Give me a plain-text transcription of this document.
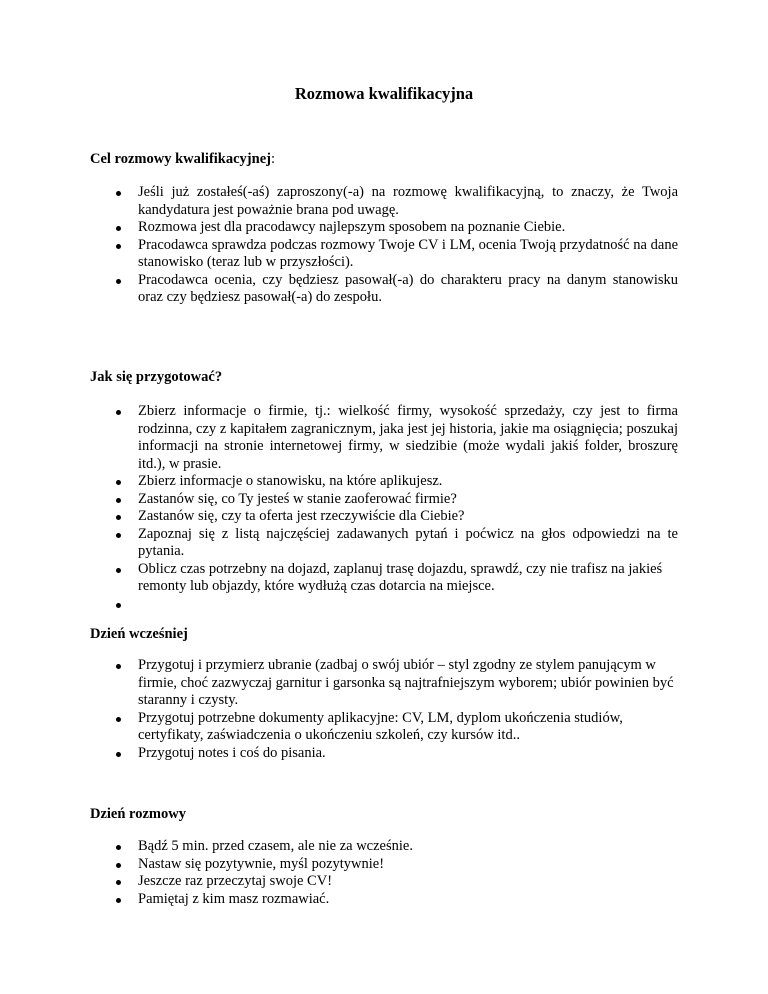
Rozmowa kwalifikacyjna
Cel rozmowy kwalifikacyjnej:
Jeśli już zostałeś(-aś) zaproszony(-a) na rozmowę kwalifikacyjną, to znaczy, że Twoja kandydatura jest poważnie brana pod uwagę.
Rozmowa jest dla pracodawcy najlepszym sposobem na poznanie Ciebie.
Pracodawca sprawdza podczas rozmowy Twoje CV i LM, ocenia Twoją przydatność na dane stanowisko (teraz lub w przyszłości).
Pracodawca ocenia, czy będziesz pasował(-a) do charakteru pracy na danym stanowisku oraz czy będziesz pasował(-a) do zespołu.
Jak się przygotować?
Zbierz informacje o firmie, tj.: wielkość firmy, wysokość sprzedaży, czy jest to firma rodzinna, czy z kapitałem zagranicznym, jaka jest jej historia, jakie ma osiągnięcia; poszukaj informacji na stronie internetowej firmy, w siedzibie (może wydali jakiś folder, broszurę itd.), w prasie.
Zbierz informacje o stanowisku, na które aplikujesz.
Zastanów się, co Ty jesteś w stanie zaoferować firmie?
Zastanów się, czy ta oferta jest rzeczywiście dla Ciebie?
Zapoznaj się z listą najczęściej zadawanych pytań i poćwicz na głos odpowiedzi na te pytania.
Oblicz czas potrzebny na dojazd, zaplanuj trasę dojazdu, sprawdź, czy nie trafisz na jakieś remonty lub objazdy, które wydłużą czas dotarcia na miejsce.
Dzień wcześniej
Przygotuj i przymierz ubranie (zadbaj o swój ubiór – styl zgodny ze stylem panującym w firmie, choć zazwyczaj garnitur i garsonka są najtrafniejszym wyborem; ubiór powinien być staranny i czysty.
Przygotuj potrzebne dokumenty aplikacyjne: CV, LM, dyplom ukończenia studiów, certyfikaty, zaświadczenia o ukończeniu szkoleń, czy kursów itd..
Przygotuj notes i coś do pisania.
Dzień rozmowy
Bądź 5 min. przed czasem, ale nie za wcześnie.
Nastaw się pozytywnie, myśl pozytywnie!
Jeszcze raz przeczytaj swoje CV!
Pamiętaj z kim masz rozmawiać.
